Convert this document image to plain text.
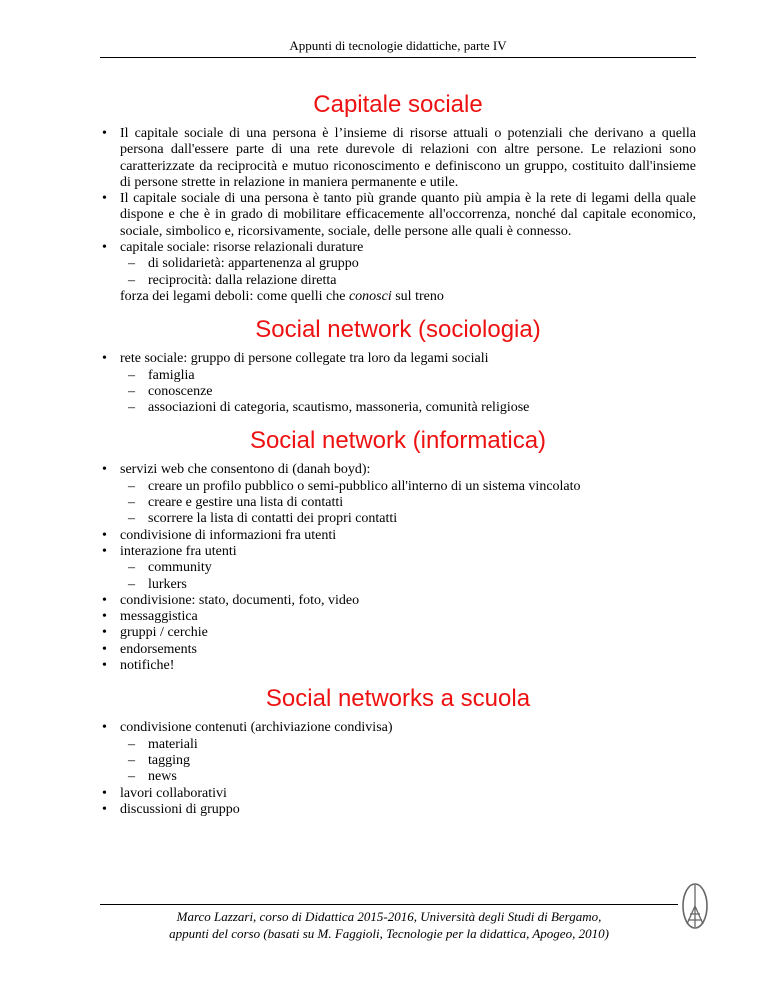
Appunti di tecnologie didattiche, parte IV
Capitale sociale
• Il capitale sociale di una persona è l’insieme di risorse attuali o potenziali che derivano a quella persona dall'essere parte di una rete durevole di relazioni con altre persone. Le relazioni sono caratterizzate da reciprocità e mutuo riconoscimento e definiscono un gruppo, costituito dall'insieme di persone strette in relazione in maniera permanente e utile.
• Il capitale sociale di una persona è tanto più grande quanto più ampia è la rete di legami della quale dispone e che è in grado di mobilitare efficacemente all'occorrenza, nonché dal capitale economico, sociale, simbolico e, ricorsivamente, sociale, delle persone alle quali è connesso.
• capitale sociale: risorse relazionali durature
– di solidarietà: appartenenza al gruppo
– reciprocità: dalla relazione diretta
forza dei legami deboli: come quelli che conosci sul treno
Social network (sociologia)
• rete sociale: gruppo di persone collegate tra loro da legami sociali
– famiglia
– conoscenze
– associazioni di categoria, scautismo, massoneria, comunità religiose
Social network (informatica)
• servizi web che consentono di (danah boyd):
– creare un profilo pubblico o semi-pubblico all'interno di un sistema vincolato
– creare e gestire una lista di contatti
– scorrere la lista di contatti dei propri contatti
• condivisione di informazioni fra utenti
• interazione fra utenti
– community
– lurkers
• condivisione: stato, documenti, foto, video
• messaggistica
• gruppi / cerchie
• endorsements
• notifiche!
Social networks a scuola
• condivisione contenuti (archiviazione condivisa)
– materiali
– tagging
– news
• lavori collaborativi
• discussioni di gruppo
Marco Lazzari, corso di Didattica 2015-2016, Università degli Studi di Bergamo,
appunti del corso (basati su M. Faggioli, Tecnologie per la didattica, Apogeo, 2010)
